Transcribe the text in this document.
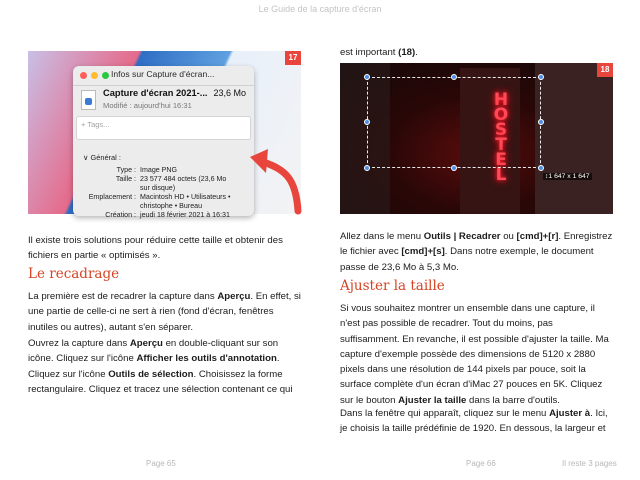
Le Guide de la capture d'écran
Infos sur Capture d'écran...
Capture d'écran 2021-... 23,6 Mo
Modifié : aujourd'hui 16:31
+ Tags...
∨ Général :
Type : Image PNG
Taille : 23 577 484 octets (23,6 Mo
sur disque)
Emplacement : Macintosh HD • Utilisateurs •
christophe • Bureau
Création : jeudi 18 février 2021 à 16:31
17

Il existe trois solutions pour réduire cette taille et obtenir des fichiers en partie « optimisés ».

Le recadrage

La première est de recadrer la capture dans Aperçu. En effet, si une partie de celle-ci ne sert à rien (fond d'écran, fenêtres inutiles ou autres), autant s'en séparer.

Ouvrez la capture dans Aperçu en double-cliquant sur son icône. Cliquez sur l'icône Afficher les outils d'annotation. Cliquez sur l'icône Outils de sélection. Choisissez la forme rectangulaire. Cliquez et tracez une sélection contenant ce qui

Page 65

est important (18).

HOSTEL	↕1 647 x 1 647
18

Allez dans le menu Outils | Recadrer ou [cmd]+[r]. Enregistrez le fichier avec [cmd]+[s]. Dans notre exemple, le document passe de 23,6 Mo à 5,3 Mo.

Ajuster la taille

Si vous souhaitez montrer un ensemble dans une capture, il n'est pas possible de recadrer. Tout du moins, pas suffisamment. En revanche, il est possible d'ajuster la taille. Ma capture d'exemple possède des dimensions de 5120 x 2880 pixels dans une résolution de 144 pixels par pouce, soit la surface complète d'un écran d'iMac 27 pouces en 5K. Cliquez sur le bouton Ajuster la taille dans la barre d'outils.

Dans la fenêtre qui apparaît, cliquez sur le menu Ajuster à. Ici, je choisis la taille prédéfinie de 1920. En dessous, la largeur et

Page 66	Il reste 3 pages
